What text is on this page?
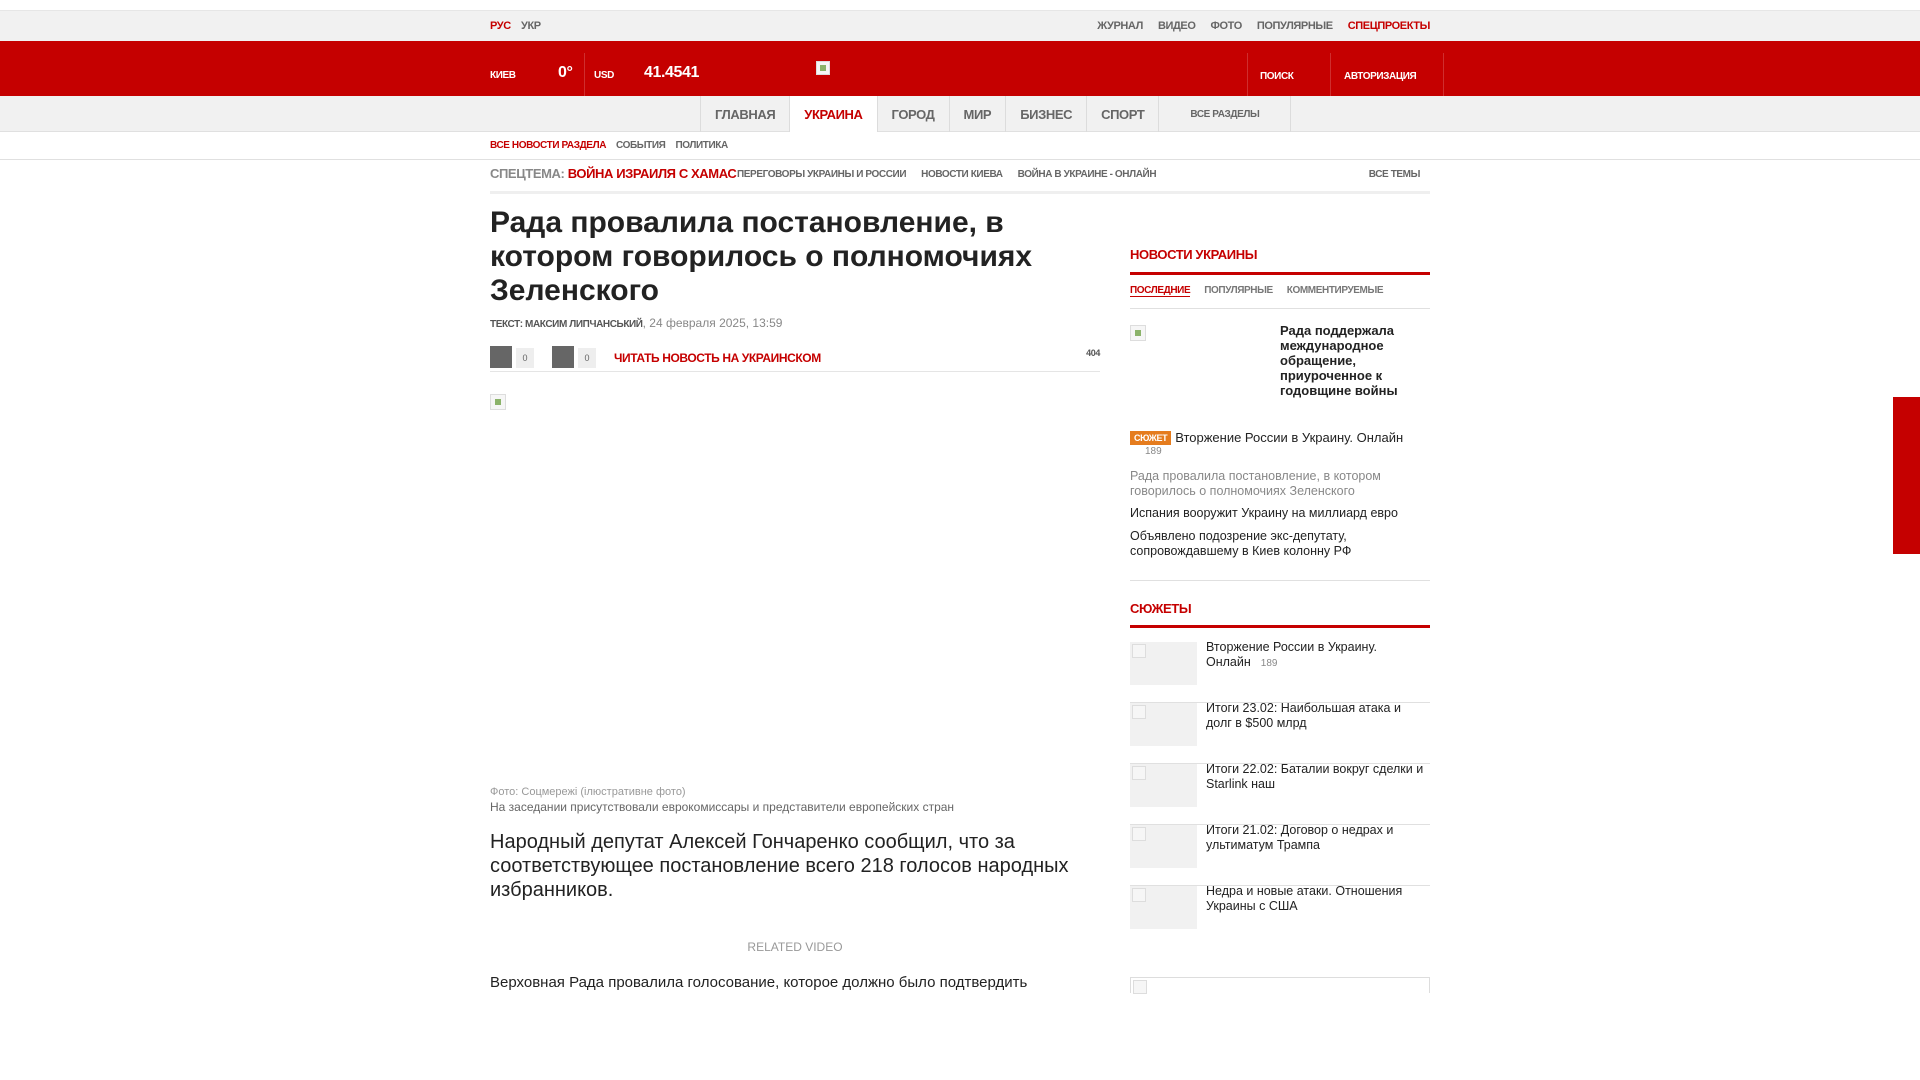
РУС УКР	ЖУРНАЛ ВИДЕО ФОТО ПОПУЛЯРНЫЕ СПЕЦПРОЕКТЫ
КИЕВ	0° USD 41.4541	ПОИСК	АВТОРИЗАЦИЯ
ГЛАВНАЯ	УКРАИНА	ГОРОД	МИР	БИЗНЕС	СПОРТ	ВСЕ РАЗДЕЛЫ
ВСЕ НОВОСТИ РАЗДЕЛА СОБЫТИЯ ПОЛИТИКА
СПЕЦТЕМА: ВОЙНА ИЗРАИЛЯ С ХАМАС ПЕРЕГОВОРЫ УКРАИНЫ И РОССИИ НОВОСТИ КИЕВА ВОЙНА В УКРАИНЕ - ОНЛАЙН	ВСЕ ТЕМЫ
Рада провалила постановление, в котором говорилось о полномочиях Зеленского
ТЕКСТ: МАКСИМ ЛИПЧАНСЬКИЙ, 24 февраля 2025, 13:59
0	0	ЧИТАТЬ НОВОСТЬ НА УКРАИНСКОМ	404
Фото: Соцмережі (ілюстративне фото)
На заседании присутствовали еврокомиссары и представители европейских стран
Народный депутат Алексей Гончаренко сообщил, что за соответствующее постановление всего 218 голосов народных избранников.
RELATED VIDEO
Верховная Рада провалила голосование, которое должно было подтвердить
НОВОСТИ УКРАИНЫ
ПОСЛЕДНИЕ ПОПУЛЯРНЫЕ КОММЕНТИРУЕМЫЕ
Рада поддержала международное обращение, приуроченное к годовщине войны
СЮЖЕТ Вторжение России в Украину. Онлайн
189
Рада провалила постановление, в котором говорилось о полномочиях Зеленского
Испания вооружит Украину на миллиард евро
Объявлено подозрение экс-депутату, сопровождавшему в Киев колонну РФ
СЮЖЕТЫ
Вторжение России в Украину. Онлайн 189
Итоги 23.02: Наибольшая атака и долг в $500 млрд
Итоги 22.02: Баталии вокруг сделки и Starlink наш
Итоги 21.02: Договор о недрах и ультиматум Трампа
Недра и новые атаки. Отношения Украины с США
